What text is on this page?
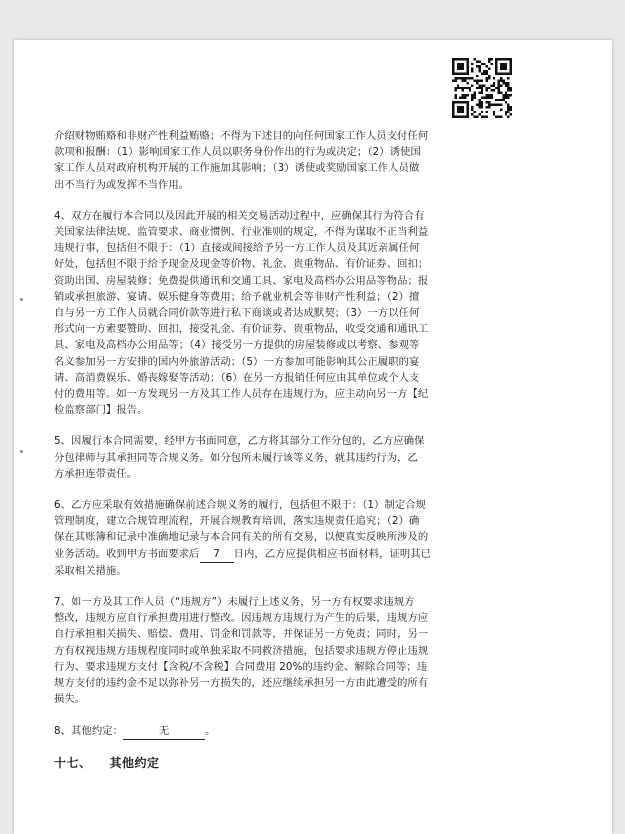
介绍财物贿赂和非财产性利益贿赂；不得为下述目的向任何国家工作人员支付任何
款项和报酬：（1）影响国家工作人员以职务身份作出的行为或决定；（2）诱使国
家工作人员对政府机构开展的工作施加其影响；（3）诱使或奖励国家工作人员做
出不当行为或发挥不当作用。
4、双方在履行本合同以及因此开展的相关交易活动过程中，应确保其行为符合有
关国家法律法规、监管要求、商业惯例、行业准则的规定，不得为谋取不正当利益
违规行事，包括但不限于：（1）直接或间接给予另一方工作人员及其近亲属任何
好处，包括但不限于给予现金及现金等价物、礼金、贵重物品、有价证券、回扣；
资助出国、房屋装修；免费提供通讯和交通工具、家电及高档办公用品等物品；报
销或承担旅游、宴请、娱乐健身等费用；给予就业机会等非财产性利益；（2）擅
自与另一方工作人员就合同价款等进行私下商谈或者达成默契；（3）一方以任何
形式向一方索要赞助、回扣，接受礼金、有价证券、贵重物品，收受交通和通讯工
具、家电及高档办公用品等；（4）接受另一方提供的房屋装修或以考察、参观等
名义参加另一方安排的国内外旅游活动；（5）一方参加可能影响其公正履职的宴
请、高消费娱乐、婚丧嫁娶等活动；（6）在另一方报销任何应由其单位或个人支
付的费用等。如一方发现另一方及其工作人员存在违规行为，应主动向另一方【纪
检监察部门】报告。
5、因履行本合同需要，经甲方书面同意，乙方将其部分工作分包的，乙方应确保
分包律师与其承担同等合规义务。如分包所未履行该等义务，就其违约行为，乙
方承担连带责任。
6、乙方应采取有效措施确保前述合规义务的履行，包括但不限于：（1）制定合规
管理制度，建立合规管理流程，开展合规教育培训，落实违规责任追究；（2）确
保在其账簿和记录中准确地记录与本合同有关的所有交易，以便真实反映所涉及的
业务活动。收到甲方书面要求后 7 日内，乙方应提供相应书面材料，证明其已
采取相关措施。
7、如一方及其工作人员（“违规方”）未履行上述义务，另一方有权要求违规方
整改，违规方应自行承担费用进行整改。因违规方违规行为产生的后果，违规方应
自行承担相关损失、赔偿、费用、罚金和罚款等，并保证另一方免责；同时，另一
方有权视违规方违规程度同时或单独采取不同救济措施，包括要求违规方停止违规
行为、要求违规方支付【含税/不含税】合同费用 20%的违约金、解除合同等；违
规方支付的违约金不足以弥补另一方损失的，还应继续承担另一方由此遭受的所有
损失。
8、其他约定：	无	。
十七、 其他约定
